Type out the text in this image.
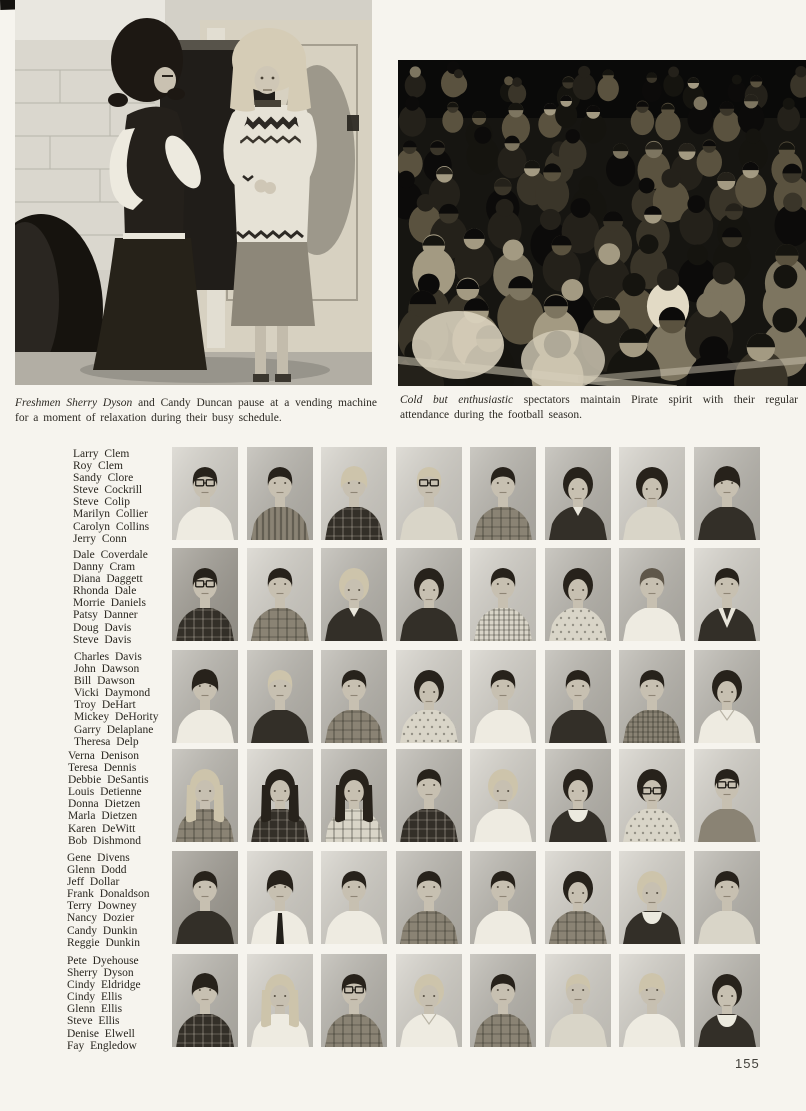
Freshmen Sherry Dyson and Candy Duncan pause at a vending machine for a moment of relaxation during their busy schedule.

Cold but enthusiastic spectators maintain Pirate spirit with their regular attendance during the football season.

Larry Clem
Roy Clem
Sandy Clore
Steve Cockrill
Steve Colip
Marilyn Collier
Carolyn Collins
Jerry Conn
Dale Coverdale
Danny Cram
Diana Daggett
Rhonda Dale
Morrie Daniels
Patsy Danner
Doug Davis
Steve Davis
Charles Davis
John Dawson
Bill Dawson
Vicki Daymond
Troy DeHart
Mickey DeHority
Garry Delaplane
Theresa Delp
Verna Denison
Teresa Dennis
Debbie DeSantis
Louis Detienne
Donna Dietzen
Marla Dietzen
Karen DeWitt
Bob Dishmond
Gene Divens
Glenn Dodd
Jeff Dollar
Frank Donaldson
Terry Downey
Nancy Dozier
Candy Dunkin
Reggie Dunkin
Pete Dyehouse
Sherry Dyson
Cindy Eldridge
Cindy Ellis
Glenn Ellis
Steve Ellis
Denise Elwell
Fay Engledow
155
